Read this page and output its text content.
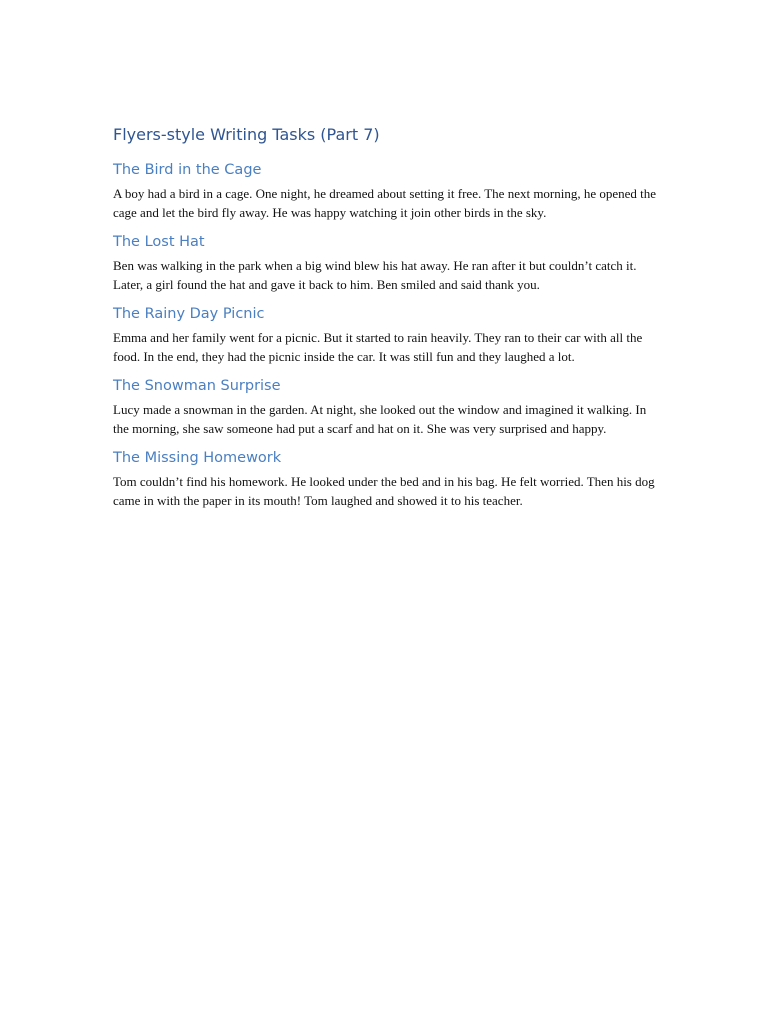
Flyers-style Writing Tasks (Part 7)
The Bird in the Cage

A boy had a bird in a cage. One night, he dreamed about setting it free. The next morning, he opened the cage and let the bird fly away. He was happy watching it join other birds in the sky.

The Lost Hat

Ben was walking in the park when a big wind blew his hat away. He ran after it but couldn’t catch it. Later, a girl found the hat and gave it back to him. Ben smiled and said thank you.

The Rainy Day Picnic

Emma and her family went for a picnic. But it started to rain heavily. They ran to their car with all the food. In the end, they had the picnic inside the car. It was still fun and they laughed a lot.

The Snowman Surprise

Lucy made a snowman in the garden. At night, she looked out the window and imagined it walking. In the morning, she saw someone had put a scarf and hat on it. She was very surprised and happy.

The Missing Homework

Tom couldn’t find his homework. He looked under the bed and in his bag. He felt worried. Then his dog came in with the paper in its mouth! Tom laughed and showed it to his teacher.
